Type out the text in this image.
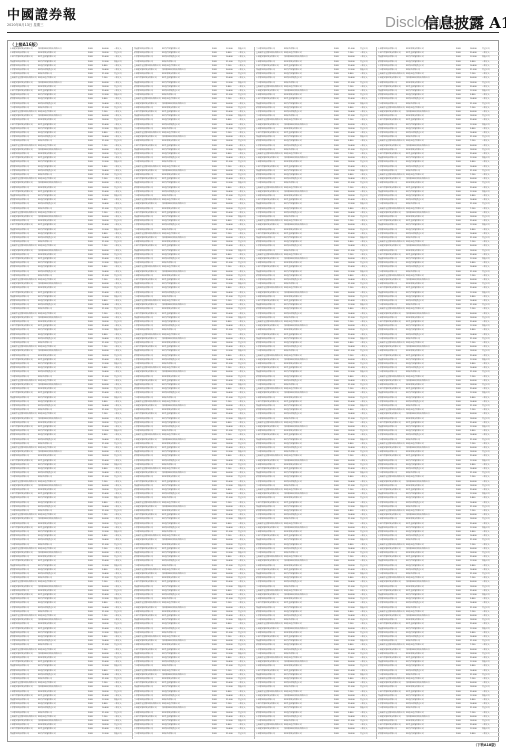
中國證券報
2020年8月13日 星期三	Disclosure
信息披露 A
（上接A16版）
中国建设银行股份有限公司	深圳市XX科技股份有限公司	2020	34,000	一般法人
中国银行股份有限公司	XX证券股份有限公司	2020	18,500	基金公司
中国工商银行股份有限公司	XX基金管理有限公司	2020	25,600	一般法人
交通银行股份有限公司	XX资产管理有限公司	2020	12,000	保险公司
招商银行股份有限公司	XX投资管理有限公司	2020	9,800	一般法人
中信银行股份有限公司	XX信托有限责任公司	2020	16,400	一般法人
兴业银行股份有限公司	XX财务有限公司	2020	21,000	基金公司
上海浦东发展银行股份有限公司 XX创业投资有限公司	2020	7,200	一般法人
中国建设银行股份有限公司	深圳市XX科技股份有限公司	2020	34,000	一般法人
中国银行股份有限公司	XX证券股份有限公司	2020	18,500	基金公司
中国工商银行股份有限公司	XX基金管理有限公司	2020	25,600	一般法人
交通银行股份有限公司	XX资产管理有限公司	2020	12,000	保险公司
招商银行股份有限公司	XX投资管理有限公司	2020	9,800	一般法人
中信银行股份有限公司	XX信托有限责任公司	2020	16,400	一般法人
兴业银行股份有限公司	XX财务有限公司	2020	21,000	基金公司
上海浦东发展银行股份有限公司 XX创业投资有限公司	2020	7,200	一般法人
中国建设银行股份有限公司	深圳市XX科技股份有限公司	2020	34,000	一般法人
中国银行股份有限公司	XX证券股份有限公司	2020	18,500	基金公司
中国工商银行股份有限公司	XX基金管理有限公司	2020	25,600	一般法人
交通银行股份有限公司	XX资产管理有限公司	2020	12,000	保险公司
招商银行股份有限公司	XX投资管理有限公司	2020	9,800	一般法人
中信银行股份有限公司	XX信托有限责任公司	2020	16,400	一般法人
兴业银行股份有限公司	XX财务有限公司	2020	21,000	基金公司
上海浦东发展银行股份有限公司 XX创业投资有限公司	2020	7,200	一般法人
中国建设银行股份有限公司	深圳市XX科技股份有限公司	2020	34,000	一般法人
中国银行股份有限公司	XX证券股份有限公司	2020	18,500	基金公司
中国工商银行股份有限公司	XX基金管理有限公司	2020	25,600	一般法人
交通银行股份有限公司	XX资产管理有限公司	2020	12,000	保险公司
招商银行股份有限公司	XX投资管理有限公司	2020	9,800	一般法人
中信银行股份有限公司	XX信托有限责任公司	2020	16,400	一般法人
兴业银行股份有限公司	XX财务有限公司	2020	21,000	基金公司
上海浦东发展银行股份有限公司 XX创业投资有限公司	2020	7,200	一般法人
中国建设银行股份有限公司	深圳市XX科技股份有限公司	2020	34,000	一般法人
中国银行股份有限公司	XX证券股份有限公司	2020	18,500	基金公司
中国工商银行股份有限公司	XX基金管理有限公司	2020	25,600	一般法人
交通银行股份有限公司	XX资产管理有限公司	2020	12,000	保险公司
招商银行股份有限公司	XX投资管理有限公司	2020	9,800	一般法人
中信银行股份有限公司	XX信托有限责任公司	2020	16,400	一般法人
兴业银行股份有限公司	XX财务有限公司	2020	21,000	基金公司
上海浦东发展银行股份有限公司 XX创业投资有限公司	2020	7,200	一般法人
中国建设银行股份有限公司	深圳市XX科技股份有限公司	2020	34,000	一般法人
中国银行股份有限公司	XX证券股份有限公司	2020	18,500	基金公司
中国工商银行股份有限公司	XX基金管理有限公司	2020	25,600	一般法人
交通银行股份有限公司	XX资产管理有限公司	2020	12,000	保险公司
招商银行股份有限公司	XX投资管理有限公司	2020	9,800	一般法人
中信银行股份有限公司	XX信托有限责任公司	2020	16,400	一般法人
兴业银行股份有限公司	XX财务有限公司	2020	21,000	基金公司
上海浦东发展银行股份有限公司 XX创业投资有限公司	2020	7,200	一般法人
中国建设银行股份有限公司	深圳市XX科技股份有限公司	2020	34,000	一般法人
中国银行股份有限公司	XX证券股份有限公司	2020	18,500	基金公司
中国工商银行股份有限公司	XX基金管理有限公司	2020	25,600	一般法人
交通银行股份有限公司	XX资产管理有限公司	2020	12,000	保险公司
招商银行股份有限公司	XX投资管理有限公司	2020	9,800	一般法人
中信银行股份有限公司	XX信托有限责任公司	2020	16,400	一般法人
兴业银行股份有限公司	XX财务有限公司	2020	21,000	基金公司
上海浦东发展银行股份有限公司 XX创业投资有限公司	2020	7,200	一般法人
中国建设银行股份有限公司	深圳市XX科技股份有限公司	2020	34,000	一般法人
中国银行股份有限公司	XX证券股份有限公司	2020	18,500	基金公司
中国工商银行股份有限公司	XX基金管理有限公司	2020	25,600	一般法人
交通银行股份有限公司	XX资产管理有限公司	2020	12,000	保险公司
招商银行股份有限公司	XX投资管理有限公司	2020	9,800	一般法人
中信银行股份有限公司	XX信托有限责任公司	2020	16,400	一般法人
兴业银行股份有限公司	XX财务有限公司	2020	21,000	基金公司
上海浦东发展银行股份有限公司 XX创业投资有限公司	2020	7,200	一般法人
中国建设银行股份有限公司	深圳市XX科技股份有限公司	2020	34,000	一般法人
中国银行股份有限公司	XX证券股份有限公司	2020	18,500	基金公司
中国工商银行股份有限公司	XX基金管理有限公司	2020	25,600	一般法人
交通银行股份有限公司	XX资产管理有限公司	2020	12,000	保险公司
招商银行股份有限公司	XX投资管理有限公司	2020	9,800	一般法人
中信银行股份有限公司	XX信托有限责任公司	2020	16,400	一般法人
兴业银行股份有限公司	XX财务有限公司	2020	21,000	基金公司
上海浦东发展银行股份有限公司 XX创业投资有限公司	2020	7,200	一般法人
中国建设银行股份有限公司	深圳市XX科技股份有限公司	2020	34,000	一般法人
中国银行股份有限公司	XX证券股份有限公司	2020	18,500	基金公司
中国工商银行股份有限公司	XX基金管理有限公司	2020	25,600	一般法人
交通银行股份有限公司	XX资产管理有限公司	2020	12,000	保险公司
招商银行股份有限公司	XX投资管理有限公司	2020	9,800	一般法人
中信银行股份有限公司	XX信托有限责任公司	2020	16,400	一般法人
兴业银行股份有限公司	XX财务有限公司	2020	21,000	基金公司
上海浦东发展银行股份有限公司 XX创业投资有限公司	2020	7,200	一般法人
中国建设银行股份有限公司	深圳市XX科技股份有限公司	2020	34,000	一般法人
中国银行股份有限公司	XX证券股份有限公司	2020	18,500	基金公司
中国工商银行股份有限公司	XX基金管理有限公司	2020	25,600	一般法人
交通银行股份有限公司	XX资产管理有限公司	2020	12,000	保险公司
招商银行股份有限公司	XX投资管理有限公司	2020	9,800	一般法人
中信银行股份有限公司	XX信托有限责任公司	2020	16,400	一般法人
兴业银行股份有限公司	XX财务有限公司	2020	21,000	基金公司
上海浦东发展银行股份有限公司 XX创业投资有限公司	2020	7,200	一般法人
中国建设银行股份有限公司	深圳市XX科技股份有限公司	2020	34,000	一般法人
中国银行股份有限公司	XX证券股份有限公司	2020	18,500	基金公司
中国工商银行股份有限公司	XX基金管理有限公司	2020	25,600	一般法人
交通银行股份有限公司	XX资产管理有限公司	2020	12,000	保险公司
招商银行股份有限公司	XX投资管理有限公司	2020	9,800	一般法人
中信银行股份有限公司	XX信托有限责任公司	2020	16,400	一般法人
兴业银行股份有限公司	XX财务有限公司	2020	21,000	基金公司
上海浦东发展银行股份有限公司 XX创业投资有限公司	2020	7,200	一般法人
中国建设银行股份有限公司	深圳市XX科技股份有限公司	2020	34,000	一般法人
中国银行股份有限公司	XX证券股份有限公司	2020	18,500	基金公司
中国工商银行股份有限公司	XX基金管理有限公司	2020	25,600	一般法人
交通银行股份有限公司	XX资产管理有限公司	2020	12,000	保险公司
招商银行股份有限公司	XX投资管理有限公司	2020	9,800	一般法人
中信银行股份有限公司	XX信托有限责任公司	2020	16,400	一般法人
兴业银行股份有限公司	XX财务有限公司	2020	21,000	基金公司
上海浦东发展银行股份有限公司 XX创业投资有限公司	2020	7,200	一般法人
中国建设银行股份有限公司	深圳市XX科技股份有限公司	2020	34,000	一般法人
中国银行股份有限公司	XX证券股份有限公司	2020	18,500	基金公司
中国工商银行股份有限公司	XX基金管理有限公司	2020	25,600	一般法人
交通银行股份有限公司	XX资产管理有限公司	2020	12,000	保险公司
招商银行股份有限公司	XX投资管理有限公司	2020	9,800	一般法人
中信银行股份有限公司	XX信托有限责任公司	2020	16,400	一般法人
兴业银行股份有限公司	XX财务有限公司	2020	21,000	基金公司
上海浦东发展银行股份有限公司 XX创业投资有限公司	2020	7,200	一般法人
中国建设银行股份有限公司	深圳市XX科技股份有限公司	2020	34,000	一般法人
中国银行股份有限公司	XX证券股份有限公司	2020	18,500	基金公司
中国工商银行股份有限公司	XX基金管理有限公司	2020	25,600	一般法人
交通银行股份有限公司	XX资产管理有限公司	2020	12,000	保险公司
招商银行股份有限公司	XX投资管理有限公司	2020	9,800	一般法人
中信银行股份有限公司	XX信托有限责任公司	2020	16,400	一般法人
兴业银行股份有限公司	XX财务有限公司	2020	21,000	基金公司
上海浦东发展银行股份有限公司 XX创业投资有限公司	2020	7,200	一般法人
中国建设银行股份有限公司	深圳市XX科技股份有限公司	2020	34,000	一般法人
中国银行股份有限公司	XX证券股份有限公司	2020	18,500	基金公司
中国工商银行股份有限公司	XX基金管理有限公司	2020	25,600	一般法人
交通银行股份有限公司	XX资产管理有限公司	2020	12,000	保险公司
招商银行股份有限公司	XX投资管理有限公司	2020	9,800	一般法人
中信银行股份有限公司	XX信托有限责任公司	2020	16,400	一般法人
兴业银行股份有限公司	XX财务有限公司	2020	21,000	基金公司
上海浦东发展银行股份有限公司 XX创业投资有限公司	2020	7,200	一般法人
中国建设银行股份有限公司	深圳市XX科技股份有限公司	2020	34,000	一般法人
中国银行股份有限公司	XX证券股份有限公司	2020	18,500	基金公司
中国工商银行股份有限公司	XX基金管理有限公司	2020	25,600	一般法人
交通银行股份有限公司	XX资产管理有限公司	2020	12,000	保险公司
招商银行股份有限公司	XX投资管理有限公司	2020	9,800	一般法人
中信银行股份有限公司	XX信托有限责任公司	2020	16,400	一般法人
兴业银行股份有限公司	XX财务有限公司	2020	21,000	基金公司
上海浦东发展银行股份有限公司 XX创业投资有限公司	2020	7,200	一般法人
中国建设银行股份有限公司	深圳市XX科技股份有限公司	2020	34,000	一般法人
中国银行股份有限公司	XX证券股份有限公司	2020	18,500	基金公司
中国工商银行股份有限公司	XX基金管理有限公司	2020	25,600	一般法人
交通银行股份有限公司	XX资产管理有限公司	2020	12,000	保险公司
招商银行股份有限公司	XX投资管理有限公司	2020	9,800	一般法人
中信银行股份有限公司	XX信托有限责任公司	2020	16,400	一般法人
兴业银行股份有限公司	XX财务有限公司	2020	21,000	基金公司
上海浦东发展银行股份有限公司 XX创业投资有限公司	2020	7,200	一般法人
中国建设银行股份有限公司	深圳市XX科技股份有限公司	2020	34,000	一般法人
中国银行股份有限公司	XX证券股份有限公司	2020	18,500	基金公司
中国工商银行股份有限公司	XX基金管理有限公司	2020	25,600	一般法人
交通银行股份有限公司	XX资产管理有限公司	2020	12,000	保险公司
招商银行股份有限公司	XX投资管理有限公司	2020	9,800	一般法人
中信银行股份有限公司	XX信托有限责任公司	2020	16,400	一般法人
兴业银行股份有限公司	XX财务有限公司	2020	21,000	基金公司
上海浦东发展银行股份有限公司 XX创业投资有限公司	2020	7,200	一般法人
中国建设银行股份有限公司	深圳市XX科技股份有限公司	2020	34,000	一般法人
中国银行股份有限公司	XX证券股份有限公司	2020	18,500	基金公司
中国工商银行股份有限公司	XX基金管理有限公司	2020	25,600	一般法人
交通银行股份有限公司	XX资产管理有限公司	2020	12,000	保险公司
招商银行股份有限公司	XX投资管理有限公司	2020	9,800	一般法人
中信银行股份有限公司	XX信托有限责任公司	2020	16,400	一般法人
兴业银行股份有限公司	XX财务有限公司	2020	21,000	基金公司
上海浦东发展银行股份有限公司 XX创业投资有限公司	2020	7,200	一般法人
中国建设银行股份有限公司	深圳市XX科技股份有限公司	2020	34,000	一般法人
中国银行股份有限公司	XX证券股份有限公司	2020	18,500	基金公司
中国工商银行股份有限公司	XX基金管理有限公司	2020	25,600	一般法人
交通银行股份有限公司	XX资产管理有限公司	2020	12,000	保险公司
交通银行股份有限公司	XX资产管理有限公司	2020	12,000	保险公司
招商银行股份有限公司	XX投资管理有限公司	2020	9,800	一般法人
中信银行股份有限公司	XX信托有限责任公司	2020	16,400	一般法人
兴业银行股份有限公司	XX财务有限公司	2020	21,000	基金公司
上海浦东发展银行股份有限公司 XX创业投资有限公司	2020	7,200	一般法人
中国建设银行股份有限公司	深圳市XX科技股份有限公司	2020	34,000	一般法人
中国银行股份有限公司	XX证券股份有限公司	2020	18,500	基金公司
中国工商银行股份有限公司	XX基金管理有限公司	2020	25,600	一般法人
交通银行股份有限公司	XX资产管理有限公司	2020	12,000	保险公司
招商银行股份有限公司	XX投资管理有限公司	2020	9,800	一般法人
中信银行股份有限公司	XX信托有限责任公司	2020	16,400	一般法人
兴业银行股份有限公司	XX财务有限公司	2020	21,000	基金公司
上海浦东发展银行股份有限公司 XX创业投资有限公司	2020	7,200	一般法人
中国建设银行股份有限公司	深圳市XX科技股份有限公司	2020	34,000	一般法人
中国银行股份有限公司	XX证券股份有限公司	2020	18,500	基金公司
中国工商银行股份有限公司	XX基金管理有限公司	2020	25,600	一般法人
交通银行股份有限公司	XX资产管理有限公司	2020	12,000	保险公司
招商银行股份有限公司	XX投资管理有限公司	2020	9,800	一般法人
中信银行股份有限公司	XX信托有限责任公司	2020	16,400	一般法人
兴业银行股份有限公司	XX财务有限公司	2020	21,000	基金公司
上海浦东发展银行股份有限公司 XX创业投资有限公司	2020	7,200	一般法人
中国建设银行股份有限公司	深圳市XX科技股份有限公司	2020	34,000	一般法人
中国银行股份有限公司	XX证券股份有限公司	2020	18,500	基金公司
中国工商银行股份有限公司	XX基金管理有限公司	2020	25,600	一般法人
交通银行股份有限公司	XX资产管理有限公司	2020	12,000	保险公司
招商银行股份有限公司	XX投资管理有限公司	2020	9,800	一般法人
中信银行股份有限公司	XX信托有限责任公司	2020	16,400	一般法人
兴业银行股份有限公司	XX财务有限公司	2020	21,000	基金公司
上海浦东发展银行股份有限公司 XX创业投资有限公司	2020	7,200	一般法人
中国建设银行股份有限公司	深圳市XX科技股份有限公司	2020	34,000	一般法人
中国银行股份有限公司	XX证券股份有限公司	2020	18,500	基金公司
中国工商银行股份有限公司	XX基金管理有限公司	2020	25,600	一般法人
交通银行股份有限公司	XX资产管理有限公司	2020	12,000	保险公司
招商银行股份有限公司	XX投资管理有限公司	2020	9,800	一般法人
中信银行股份有限公司	XX信托有限责任公司	2020	16,400	一般法人
兴业银行股份有限公司	XX财务有限公司	2020	21,000	基金公司
上海浦东发展银行股份有限公司 XX创业投资有限公司	2020	7,200	一般法人
中国建设银行股份有限公司	深圳市XX科技股份有限公司	2020	34,000	一般法人
中国银行股份有限公司	XX证券股份有限公司	2020	18,500	基金公司
中国工商银行股份有限公司	XX基金管理有限公司	2020	25,600	一般法人
交通银行股份有限公司	XX资产管理有限公司	2020	12,000	保险公司
招商银行股份有限公司	XX投资管理有限公司	2020	9,800	一般法人
中信银行股份有限公司	XX信托有限责任公司	2020	16,400	一般法人
兴业银行股份有限公司	XX财务有限公司	2020	21,000	基金公司
上海浦东发展银行股份有限公司 XX创业投资有限公司	2020	7,200	一般法人
中国建设银行股份有限公司	深圳市XX科技股份有限公司	2020	34,000	一般法人
中国银行股份有限公司	XX证券股份有限公司	2020	18,500	基金公司
中国工商银行股份有限公司	XX基金管理有限公司	2020	25,600	一般法人
交通银行股份有限公司	XX资产管理有限公司	2020	12,000	保险公司
招商银行股份有限公司	XX投资管理有限公司	2020	9,800	一般法人
中信银行股份有限公司	XX信托有限责任公司	2020	16,400	一般法人
兴业银行股份有限公司	XX财务有限公司	2020	21,000	基金公司
上海浦东发展银行股份有限公司 XX创业投资有限公司	2020	7,200	一般法人
中国建设银行股份有限公司	深圳市XX科技股份有限公司	2020	34,000	一般法人
中国银行股份有限公司	XX证券股份有限公司	2020	18,500	基金公司
中国工商银行股份有限公司	XX基金管理有限公司	2020	25,600	一般法人
交通银行股份有限公司	XX资产管理有限公司	2020	12,000	保险公司
招商银行股份有限公司	XX投资管理有限公司	2020	9,800	一般法人
中信银行股份有限公司	XX信托有限责任公司	2020	16,400	一般法人
兴业银行股份有限公司	XX财务有限公司	2020	21,000	基金公司
上海浦东发展银行股份有限公司 XX创业投资有限公司	2020	7,200	一般法人
中国建设银行股份有限公司	深圳市XX科技股份有限公司	2020	34,000	一般法人
中国银行股份有限公司	XX证券股份有限公司	2020	18,500	基金公司
中国工商银行股份有限公司	XX基金管理有限公司	2020	25,600	一般法人
交通银行股份有限公司	XX资产管理有限公司	2020	12,000	保险公司
招商银行股份有限公司	XX投资管理有限公司	2020	9,800	一般法人
中信银行股份有限公司	XX信托有限责任公司	2020	16,400	一般法人
兴业银行股份有限公司	XX财务有限公司	2020	21,000	基金公司
上海浦东发展银行股份有限公司 XX创业投资有限公司	2020	7,200	一般法人
中国建设银行股份有限公司	深圳市XX科技股份有限公司	2020	34,000	一般法人
中国银行股份有限公司	XX证券股份有限公司	2020	18,500	基金公司
中国工商银行股份有限公司	XX基金管理有限公司	2020	25,600	一般法人
交通银行股份有限公司	XX资产管理有限公司	2020	12,000	保险公司
招商银行股份有限公司	XX投资管理有限公司	2020	9,800	一般法人
中信银行股份有限公司	XX信托有限责任公司	2020	16,400	一般法人
兴业银行股份有限公司	XX财务有限公司	2020	21,000	基金公司
上海浦东发展银行股份有限公司 XX创业投资有限公司	2020	7,200	一般法人
中国建设银行股份有限公司	深圳市XX科技股份有限公司	2020	34,000	一般法人
中国银行股份有限公司	XX证券股份有限公司	2020	18,500	基金公司
中国工商银行股份有限公司	XX基金管理有限公司	2020	25,600	一般法人
交通银行股份有限公司	XX资产管理有限公司	2020	12,000	保险公司
招商银行股份有限公司	XX投资管理有限公司	2020	9,800	一般法人
中信银行股份有限公司	XX信托有限责任公司	2020	16,400	一般法人
兴业银行股份有限公司	XX财务有限公司	2020	21,000	基金公司
上海浦东发展银行股份有限公司 XX创业投资有限公司	2020	7,200	一般法人
中国建设银行股份有限公司	深圳市XX科技股份有限公司	2020	34,000	一般法人
中国银行股份有限公司	XX证券股份有限公司	2020	18,500	基金公司
中国工商银行股份有限公司	XX基金管理有限公司	2020	25,600	一般法人
交通银行股份有限公司	XX资产管理有限公司	2020	12,000	保险公司
招商银行股份有限公司	XX投资管理有限公司	2020	9,800	一般法人
中信银行股份有限公司	XX信托有限责任公司	2020	16,400	一般法人
兴业银行股份有限公司	XX财务有限公司	2020	21,000	基金公司
上海浦东发展银行股份有限公司 XX创业投资有限公司	2020	7,200	一般法人
中国建设银行股份有限公司	深圳市XX科技股份有限公司	2020	34,000	一般法人
中国银行股份有限公司	XX证券股份有限公司	2020	18,500	基金公司
中国工商银行股份有限公司	XX基金管理有限公司	2020	25,600	一般法人
交通银行股份有限公司	XX资产管理有限公司	2020	12,000	保险公司
招商银行股份有限公司	XX投资管理有限公司	2020	9,800	一般法人
中信银行股份有限公司	XX信托有限责任公司	2020	16,400	一般法人
兴业银行股份有限公司	XX财务有限公司	2020	21,000	基金公司
上海浦东发展银行股份有限公司 XX创业投资有限公司	2020	7,200	一般法人
中国建设银行股份有限公司	深圳市XX科技股份有限公司	2020	34,000	一般法人
中国银行股份有限公司	XX证券股份有限公司	2020	18,500	基金公司
中国工商银行股份有限公司	XX基金管理有限公司	2020	25,600	一般法人
交通银行股份有限公司	XX资产管理有限公司	2020	12,000	保险公司
招商银行股份有限公司	XX投资管理有限公司	2020	9,800	一般法人
中信银行股份有限公司	XX信托有限责任公司	2020	16,400	一般法人
兴业银行股份有限公司	XX财务有限公司	2020	21,000	基金公司
上海浦东发展银行股份有限公司 XX创业投资有限公司	2020	7,200	一般法人
中国建设银行股份有限公司	深圳市XX科技股份有限公司	2020	34,000	一般法人
中国银行股份有限公司	XX证券股份有限公司	2020	18,500	基金公司
中国工商银行股份有限公司	XX基金管理有限公司	2020	25,600	一般法人
交通银行股份有限公司	XX资产管理有限公司	2020	12,000	保险公司
招商银行股份有限公司	XX投资管理有限公司	2020	9,800	一般法人
中信银行股份有限公司	XX信托有限责任公司	2020	16,400	一般法人
兴业银行股份有限公司	XX财务有限公司	2020	21,000	基金公司
上海浦东发展银行股份有限公司 XX创业投资有限公司	2020	7,200	一般法人
中国建设银行股份有限公司	深圳市XX科技股份有限公司	2020	34,000	一般法人
中国银行股份有限公司	XX证券股份有限公司	2020	18,500	基金公司
中国工商银行股份有限公司	XX基金管理有限公司	2020	25,600	一般法人
交通银行股份有限公司	XX资产管理有限公司	2020	12,000	保险公司
招商银行股份有限公司	XX投资管理有限公司	2020	9,800	一般法人
中信银行股份有限公司	XX信托有限责任公司	2020	16,400	一般法人
兴业银行股份有限公司	XX财务有限公司	2020	21,000	基金公司
上海浦东发展银行股份有限公司 XX创业投资有限公司	2020	7,200	一般法人
中国建设银行股份有限公司	深圳市XX科技股份有限公司	2020	34,000	一般法人
中国银行股份有限公司	XX证券股份有限公司	2020	18,500	基金公司
中国工商银行股份有限公司	XX基金管理有限公司	2020	25,600	一般法人
交通银行股份有限公司	XX资产管理有限公司	2020	12,000	保险公司
招商银行股份有限公司	XX投资管理有限公司	2020	9,800	一般法人
中信银行股份有限公司	XX信托有限责任公司	2020	16,400	一般法人
兴业银行股份有限公司	XX财务有限公司	2020	21,000	基金公司
上海浦东发展银行股份有限公司 XX创业投资有限公司	2020	7,200	一般法人
中国建设银行股份有限公司	深圳市XX科技股份有限公司	2020	34,000	一般法人
中国银行股份有限公司	XX证券股份有限公司	2020	18,500	基金公司
中国工商银行股份有限公司	XX基金管理有限公司	2020	25,600	一般法人
交通银行股份有限公司	XX资产管理有限公司	2020	12,000	保险公司
招商银行股份有限公司	XX投资管理有限公司	2020	9,800	一般法人
中信银行股份有限公司	XX信托有限责任公司	2020	16,400	一般法人
兴业银行股份有限公司	XX财务有限公司	2020	21,000	基金公司
上海浦东发展银行股份有限公司 XX创业投资有限公司	2020	7,200	一般法人
中国建设银行股份有限公司	深圳市XX科技股份有限公司	2020	34,000	一般法人
中国银行股份有限公司	XX证券股份有限公司	2020	18,500	基金公司
中国工商银行股份有限公司	XX基金管理有限公司	2020	25,600	一般法人
交通银行股份有限公司	XX资产管理有限公司	2020	12,000	保险公司
招商银行股份有限公司	XX投资管理有限公司	2020	9,800	一般法人
中信银行股份有限公司	XX信托有限责任公司	2020	16,400	一般法人
兴业银行股份有限公司	XX财务有限公司	2020	21,000	基金公司
上海浦东发展银行股份有限公司 XX创业投资有限公司	2020	7,200	一般法人
中国建设银行股份有限公司	深圳市XX科技股份有限公司	2020	34,000	一般法人
中国银行股份有限公司	XX证券股份有限公司	2020	18,500	基金公司
中国工商银行股份有限公司	XX基金管理有限公司	2020	25,600	一般法人
交通银行股份有限公司	XX资产管理有限公司	2020	12,000	保险公司
招商银行股份有限公司	XX投资管理有限公司	2020	9,800	一般法人
中信银行股份有限公司	XX信托有限责任公司	2020	16,400	一般法人
兴业银行股份有限公司	XX财务有限公司	2020	21,000	基金公司
上海浦东发展银行股份有限公司 XX创业投资有限公司	2020	7,200	一般法人
中国建设银行股份有限公司	深圳市XX科技股份有限公司	2020	34,000	一般法人
中国银行股份有限公司	XX证券股份有限公司	2020	18,500	基金公司
中国工商银行股份有限公司	XX基金管理有限公司	2020	25,600	一般法人
交通银行股份有限公司	XX资产管理有限公司	2020	12,000	保险公司
招商银行股份有限公司	XX投资管理有限公司	2020	9,800	一般法人
中信银行股份有限公司	XX信托有限责任公司	2020	16,400	一般法人
兴业银行股份有限公司	XX财务有限公司	2020	21,000	基金公司
兴业银行股份有限公司	XX财务有限公司	2020	21,000	基金公司
上海浦东发展银行股份有限公司 XX创业投资有限公司	2020	7,200	一般法人
中国建设银行股份有限公司	深圳市XX科技股份有限公司	2020	34,000	一般法人
中国银行股份有限公司	XX证券股份有限公司	2020	18,500	基金公司
中国工商银行股份有限公司	XX基金管理有限公司	2020	25,600	一般法人
交通银行股份有限公司	XX资产管理有限公司	2020	12,000	保险公司
招商银行股份有限公司	XX投资管理有限公司	2020	9,800	一般法人
中信银行股份有限公司	XX信托有限责任公司	2020	16,400	一般法人
兴业银行股份有限公司	XX财务有限公司	2020	21,000	基金公司
上海浦东发展银行股份有限公司 XX创业投资有限公司	2020	7,200	一般法人
中国建设银行股份有限公司	深圳市XX科技股份有限公司	2020	34,000	一般法人
中国银行股份有限公司	XX证券股份有限公司	2020	18,500	基金公司
中国工商银行股份有限公司	XX基金管理有限公司	2020	25,600	一般法人
交通银行股份有限公司	XX资产管理有限公司	2020	12,000	保险公司
招商银行股份有限公司	XX投资管理有限公司	2020	9,800	一般法人
中信银行股份有限公司	XX信托有限责任公司	2020	16,400	一般法人
兴业银行股份有限公司	XX财务有限公司	2020	21,000	基金公司
上海浦东发展银行股份有限公司 XX创业投资有限公司	2020	7,200	一般法人
中国建设银行股份有限公司	深圳市XX科技股份有限公司	2020	34,000	一般法人
中国银行股份有限公司	XX证券股份有限公司	2020	18,500	基金公司
中国工商银行股份有限公司	XX基金管理有限公司	2020	25,600	一般法人
交通银行股份有限公司	XX资产管理有限公司	2020	12,000	保险公司
招商银行股份有限公司	XX投资管理有限公司	2020	9,800	一般法人
中信银行股份有限公司	XX信托有限责任公司	2020	16,400	一般法人
兴业银行股份有限公司	XX财务有限公司	2020	21,000	基金公司
上海浦东发展银行股份有限公司 XX创业投资有限公司	2020	7,200	一般法人
中国建设银行股份有限公司	深圳市XX科技股份有限公司	2020	34,000	一般法人
中国银行股份有限公司	XX证券股份有限公司	2020	18,500	基金公司
中国工商银行股份有限公司	XX基金管理有限公司	2020	25,600	一般法人
交通银行股份有限公司	XX资产管理有限公司	2020	12,000	保险公司
招商银行股份有限公司	XX投资管理有限公司	2020	9,800	一般法人
中信银行股份有限公司	XX信托有限责任公司	2020	16,400	一般法人
兴业银行股份有限公司	XX财务有限公司	2020	21,000	基金公司
上海浦东发展银行股份有限公司 XX创业投资有限公司	2020	7,200	一般法人
中国建设银行股份有限公司	深圳市XX科技股份有限公司	2020	34,000	一般法人
中国银行股份有限公司	XX证券股份有限公司	2020	18,500	基金公司
中国工商银行股份有限公司	XX基金管理有限公司	2020	25,600	一般法人
交通银行股份有限公司	XX资产管理有限公司	2020	12,000	保险公司
招商银行股份有限公司	XX投资管理有限公司	2020	9,800	一般法人
中信银行股份有限公司	XX信托有限责任公司	2020	16,400	一般法人
兴业银行股份有限公司	XX财务有限公司	2020	21,000	基金公司
上海浦东发展银行股份有限公司 XX创业投资有限公司	2020	7,200	一般法人
中国建设银行股份有限公司	深圳市XX科技股份有限公司	2020	34,000	一般法人
中国银行股份有限公司	XX证券股份有限公司	2020	18,500	基金公司
中国工商银行股份有限公司	XX基金管理有限公司	2020	25,600	一般法人
交通银行股份有限公司	XX资产管理有限公司	2020	12,000	保险公司
招商银行股份有限公司	XX投资管理有限公司	2020	9,800	一般法人
中信银行股份有限公司	XX信托有限责任公司	2020	16,400	一般法人
兴业银行股份有限公司	XX财务有限公司	2020	21,000	基金公司
上海浦东发展银行股份有限公司 XX创业投资有限公司	2020	7,200	一般法人
中国建设银行股份有限公司	深圳市XX科技股份有限公司	2020	34,000	一般法人
中国银行股份有限公司	XX证券股份有限公司	2020	18,500	基金公司
中国工商银行股份有限公司	XX基金管理有限公司	2020	25,600	一般法人
交通银行股份有限公司	XX资产管理有限公司	2020	12,000	保险公司
招商银行股份有限公司	XX投资管理有限公司	2020	9,800	一般法人
中信银行股份有限公司	XX信托有限责任公司	2020	16,400	一般法人
兴业银行股份有限公司	XX财务有限公司	2020	21,000	基金公司
上海浦东发展银行股份有限公司 XX创业投资有限公司	2020	7,200	一般法人
中国建设银行股份有限公司	深圳市XX科技股份有限公司	2020	34,000	一般法人
中国银行股份有限公司	XX证券股份有限公司	2020	18,500	基金公司
中国工商银行股份有限公司	XX基金管理有限公司	2020	25,600	一般法人
交通银行股份有限公司	XX资产管理有限公司	2020	12,000	保险公司
招商银行股份有限公司	XX投资管理有限公司	2020	9,800	一般法人
中信银行股份有限公司	XX信托有限责任公司	2020	16,400	一般法人
兴业银行股份有限公司	XX财务有限公司	2020	21,000	基金公司
上海浦东发展银行股份有限公司 XX创业投资有限公司	2020	7,200	一般法人
中国建设银行股份有限公司	深圳市XX科技股份有限公司	2020	34,000	一般法人
中国银行股份有限公司	XX证券股份有限公司	2020	18,500	基金公司
中国工商银行股份有限公司	XX基金管理有限公司	2020	25,600	一般法人
交通银行股份有限公司	XX资产管理有限公司	2020	12,000	保险公司
招商银行股份有限公司	XX投资管理有限公司	2020	9,800	一般法人
中信银行股份有限公司	XX信托有限责任公司	2020	16,400	一般法人
兴业银行股份有限公司	XX财务有限公司	2020	21,000	基金公司
上海浦东发展银行股份有限公司 XX创业投资有限公司	2020	7,200	一般法人
中国建设银行股份有限公司	深圳市XX科技股份有限公司	2020	34,000	一般法人
中国银行股份有限公司	XX证券股份有限公司	2020	18,500	基金公司
中国工商银行股份有限公司	XX基金管理有限公司	2020	25,600	一般法人
交通银行股份有限公司	XX资产管理有限公司	2020	12,000	保险公司
招商银行股份有限公司	XX投资管理有限公司	2020	9,800	一般法人
中信银行股份有限公司	XX信托有限责任公司	2020	16,400	一般法人
兴业银行股份有限公司	XX财务有限公司	2020	21,000	基金公司
上海浦东发展银行股份有限公司 XX创业投资有限公司	2020	7,200	一般法人
中国建设银行股份有限公司	深圳市XX科技股份有限公司	2020	34,000	一般法人
中国银行股份有限公司	XX证券股份有限公司	2020	18,500	基金公司
中国工商银行股份有限公司	XX基金管理有限公司	2020	25,600	一般法人
交通银行股份有限公司	XX资产管理有限公司	2020	12,000	保险公司
招商银行股份有限公司	XX投资管理有限公司	2020	9,800	一般法人
中信银行股份有限公司	XX信托有限责任公司	2020	16,400	一般法人
兴业银行股份有限公司	XX财务有限公司	2020	21,000	基金公司
上海浦东发展银行股份有限公司 XX创业投资有限公司	2020	7,200	一般法人
中国建设银行股份有限公司	深圳市XX科技股份有限公司	2020	34,000	一般法人
中国银行股份有限公司	XX证券股份有限公司	2020	18,500	基金公司
中国工商银行股份有限公司	XX基金管理有限公司	2020	25,600	一般法人
交通银行股份有限公司	XX资产管理有限公司	2020	12,000	保险公司
招商银行股份有限公司	XX投资管理有限公司	2020	9,800	一般法人
中信银行股份有限公司	XX信托有限责任公司	2020	16,400	一般法人
兴业银行股份有限公司	XX财务有限公司	2020	21,000	基金公司
上海浦东发展银行股份有限公司 XX创业投资有限公司	2020	7,200	一般法人
中国建设银行股份有限公司	深圳市XX科技股份有限公司	2020	34,000	一般法人
中国银行股份有限公司	XX证券股份有限公司	2020	18,500	基金公司
中国工商银行股份有限公司	XX基金管理有限公司	2020	25,600	一般法人
交通银行股份有限公司	XX资产管理有限公司	2020	12,000	保险公司
招商银行股份有限公司	XX投资管理有限公司	2020	9,800	一般法人
中信银行股份有限公司	XX信托有限责任公司	2020	16,400	一般法人
兴业银行股份有限公司	XX财务有限公司	2020	21,000	基金公司
上海浦东发展银行股份有限公司 XX创业投资有限公司	2020	7,200	一般法人
中国建设银行股份有限公司	深圳市XX科技股份有限公司	2020	34,000	一般法人
中国银行股份有限公司	XX证券股份有限公司	2020	18,500	基金公司
中国工商银行股份有限公司	XX基金管理有限公司	2020	25,600	一般法人
交通银行股份有限公司	XX资产管理有限公司	2020	12,000	保险公司
招商银行股份有限公司	XX投资管理有限公司	2020	9,800	一般法人
中信银行股份有限公司	XX信托有限责任公司	2020	16,400	一般法人
兴业银行股份有限公司	XX财务有限公司	2020	21,000	基金公司
上海浦东发展银行股份有限公司 XX创业投资有限公司	2020	7,200	一般法人
中国建设银行股份有限公司	深圳市XX科技股份有限公司	2020	34,000	一般法人
中国银行股份有限公司	XX证券股份有限公司	2020	18,500	基金公司
中国工商银行股份有限公司	XX基金管理有限公司	2020	25,600	一般法人
交通银行股份有限公司	XX资产管理有限公司	2020	12,000	保险公司
招商银行股份有限公司	XX投资管理有限公司	2020	9,800	一般法人
中信银行股份有限公司	XX信托有限责任公司	2020	16,400	一般法人
兴业银行股份有限公司	XX财务有限公司	2020	21,000	基金公司
上海浦东发展银行股份有限公司 XX创业投资有限公司	2020	7,200	一般法人
中国建设银行股份有限公司	深圳市XX科技股份有限公司	2020	34,000	一般法人
中国银行股份有限公司	XX证券股份有限公司	2020	18,500	基金公司
中国工商银行股份有限公司	XX基金管理有限公司	2020	25,600	一般法人
交通银行股份有限公司	XX资产管理有限公司	2020	12,000	保险公司
招商银行股份有限公司	XX投资管理有限公司	2020	9,800	一般法人
中信银行股份有限公司	XX信托有限责任公司	2020	16,400	一般法人
兴业银行股份有限公司	XX财务有限公司	2020	21,000	基金公司
上海浦东发展银行股份有限公司 XX创业投资有限公司	2020	7,200	一般法人
中国建设银行股份有限公司	深圳市XX科技股份有限公司	2020	34,000	一般法人
中国银行股份有限公司	XX证券股份有限公司	2020	18,500	基金公司
中国工商银行股份有限公司	XX基金管理有限公司	2020	25,600	一般法人
交通银行股份有限公司	XX资产管理有限公司	2020	12,000	保险公司
招商银行股份有限公司	XX投资管理有限公司	2020	9,800	一般法人
中信银行股份有限公司	XX信托有限责任公司	2020	16,400	一般法人
兴业银行股份有限公司	XX财务有限公司	2020	21,000	基金公司
上海浦东发展银行股份有限公司 XX创业投资有限公司	2020	7,200	一般法人
中国建设银行股份有限公司	深圳市XX科技股份有限公司	2020	34,000	一般法人
中国银行股份有限公司	XX证券股份有限公司	2020	18,500	基金公司
中国工商银行股份有限公司	XX基金管理有限公司	2020	25,600	一般法人
交通银行股份有限公司	XX资产管理有限公司	2020	12,000	保险公司
招商银行股份有限公司	XX投资管理有限公司	2020	9,800	一般法人
中信银行股份有限公司	XX信托有限责任公司	2020	16,400	一般法人
兴业银行股份有限公司	XX财务有限公司	2020	21,000	基金公司
上海浦东发展银行股份有限公司 XX创业投资有限公司	2020	7,200	一般法人
中国建设银行股份有限公司	深圳市XX科技股份有限公司	2020	34,000	一般法人
中国银行股份有限公司	XX证券股份有限公司	2020	18,500	基金公司
中国工商银行股份有限公司	XX基金管理有限公司	2020	25,600	一般法人
交通银行股份有限公司	XX资产管理有限公司	2020	12,000	保险公司
招商银行股份有限公司	XX投资管理有限公司	2020	9,800	一般法人
中信银行股份有限公司	XX信托有限责任公司	2020	16,400	一般法人
兴业银行股份有限公司	XX财务有限公司	2020	21,000	基金公司
上海浦东发展银行股份有限公司 XX创业投资有限公司	2020	7,200	一般法人
中国建设银行股份有限公司	深圳市XX科技股份有限公司	2020	34,000	一般法人
中国银行股份有限公司	XX证券股份有限公司	2020	18,500	基金公司
中国工商银行股份有限公司	XX基金管理有限公司	2020	25,600	一般法人
交通银行股份有限公司	XX资产管理有限公司	2020	12,000	保险公司
招商银行股份有限公司	XX投资管理有限公司	2020	9,800	一般法人
中信银行股份有限公司	XX信托有限责任公司	2020	16,400	一般法人
兴业银行股份有限公司	XX财务有限公司	2020	21,000	基金公司
上海浦东发展银行股份有限公司 XX创业投资有限公司	2020	7,200	一般法人
中国建设银行股份有限公司	深圳市XX科技股份有限公司	2020	34,000	一般法人
中国银行股份有限公司	XX证券股份有限公司	2020	18,500	基金公司
中国银行股份有限公司	XX证券股份有限公司	2020	18,500	基金公司
中国工商银行股份有限公司	XX基金管理有限公司	2020	25,600	一般法人
交通银行股份有限公司	XX资产管理有限公司	2020	12,000	保险公司
招商银行股份有限公司	XX投资管理有限公司	2020	9,800	一般法人
中信银行股份有限公司	XX信托有限责任公司	2020	16,400	一般法人
兴业银行股份有限公司	XX财务有限公司	2020	21,000	基金公司
上海浦东发展银行股份有限公司 XX创业投资有限公司	2020	7,200	一般法人
中国建设银行股份有限公司	深圳市XX科技股份有限公司	2020	34,000	一般法人
中国银行股份有限公司	XX证券股份有限公司	2020	18,500	基金公司
中国工商银行股份有限公司	XX基金管理有限公司	2020	25,600	一般法人
交通银行股份有限公司	XX资产管理有限公司	2020	12,000	保险公司
招商银行股份有限公司	XX投资管理有限公司	2020	9,800	一般法人
中信银行股份有限公司	XX信托有限责任公司	2020	16,400	一般法人
兴业银行股份有限公司	XX财务有限公司	2020	21,000	基金公司
上海浦东发展银行股份有限公司 XX创业投资有限公司	2020	7,200	一般法人
中国建设银行股份有限公司	深圳市XX科技股份有限公司	2020	34,000	一般法人
中国银行股份有限公司	XX证券股份有限公司	2020	18,500	基金公司
中国工商银行股份有限公司	XX基金管理有限公司	2020	25,600	一般法人
交通银行股份有限公司	XX资产管理有限公司	2020	12,000	保险公司
招商银行股份有限公司	XX投资管理有限公司	2020	9,800	一般法人
中信银行股份有限公司	XX信托有限责任公司	2020	16,400	一般法人
兴业银行股份有限公司	XX财务有限公司	2020	21,000	基金公司
上海浦东发展银行股份有限公司 XX创业投资有限公司	2020	7,200	一般法人
中国建设银行股份有限公司	深圳市XX科技股份有限公司	2020	34,000	一般法人
中国银行股份有限公司	XX证券股份有限公司	2020	18,500	基金公司
中国工商银行股份有限公司	XX基金管理有限公司	2020	25,600	一般法人
交通银行股份有限公司	XX资产管理有限公司	2020	12,000	保险公司
招商银行股份有限公司	XX投资管理有限公司	2020	9,800	一般法人
中信银行股份有限公司	XX信托有限责任公司	2020	16,400	一般法人
兴业银行股份有限公司	XX财务有限公司	2020	21,000	基金公司
上海浦东发展银行股份有限公司 XX创业投资有限公司	2020	7,200	一般法人
中国建设银行股份有限公司	深圳市XX科技股份有限公司	2020	34,000	一般法人
中国银行股份有限公司	XX证券股份有限公司	2020	18,500	基金公司
中国工商银行股份有限公司	XX基金管理有限公司	2020	25,600	一般法人
交通银行股份有限公司	XX资产管理有限公司	2020	12,000	保险公司
招商银行股份有限公司	XX投资管理有限公司	2020	9,800	一般法人
中信银行股份有限公司	XX信托有限责任公司	2020	16,400	一般法人
兴业银行股份有限公司	XX财务有限公司	2020	21,000	基金公司
上海浦东发展银行股份有限公司 XX创业投资有限公司	2020	7,200	一般法人
中国建设银行股份有限公司	深圳市XX科技股份有限公司	2020	34,000	一般法人
中国银行股份有限公司	XX证券股份有限公司	2020	18,500	基金公司
中国工商银行股份有限公司	XX基金管理有限公司	2020	25,600	一般法人
交通银行股份有限公司	XX资产管理有限公司	2020	12,000	保险公司
招商银行股份有限公司	XX投资管理有限公司	2020	9,800	一般法人
中信银行股份有限公司	XX信托有限责任公司	2020	16,400	一般法人
兴业银行股份有限公司	XX财务有限公司	2020	21,000	基金公司
上海浦东发展银行股份有限公司 XX创业投资有限公司	2020	7,200	一般法人
中国建设银行股份有限公司	深圳市XX科技股份有限公司	2020	34,000	一般法人
中国银行股份有限公司	XX证券股份有限公司	2020	18,500	基金公司
中国工商银行股份有限公司	XX基金管理有限公司	2020	25,600	一般法人
交通银行股份有限公司	XX资产管理有限公司	2020	12,000	保险公司
招商银行股份有限公司	XX投资管理有限公司	2020	9,800	一般法人
中信银行股份有限公司	XX信托有限责任公司	2020	16,400	一般法人
兴业银行股份有限公司	XX财务有限公司	2020	21,000	基金公司
上海浦东发展银行股份有限公司 XX创业投资有限公司	2020	7,200	一般法人
中国建设银行股份有限公司	深圳市XX科技股份有限公司	2020	34,000	一般法人
中国银行股份有限公司	XX证券股份有限公司	2020	18,500	基金公司
中国工商银行股份有限公司	XX基金管理有限公司	2020	25,600	一般法人
交通银行股份有限公司	XX资产管理有限公司	2020	12,000	保险公司
招商银行股份有限公司	XX投资管理有限公司	2020	9,800	一般法人
中信银行股份有限公司	XX信托有限责任公司	2020	16,400	一般法人
兴业银行股份有限公司	XX财务有限公司	2020	21,000	基金公司
上海浦东发展银行股份有限公司 XX创业投资有限公司	2020	7,200	一般法人
中国建设银行股份有限公司	深圳市XX科技股份有限公司	2020	34,000	一般法人
中国银行股份有限公司	XX证券股份有限公司	2020	18,500	基金公司
中国工商银行股份有限公司	XX基金管理有限公司	2020	25,600	一般法人
交通银行股份有限公司	XX资产管理有限公司	2020	12,000	保险公司
招商银行股份有限公司	XX投资管理有限公司	2020	9,800	一般法人
中信银行股份有限公司	XX信托有限责任公司	2020	16,400	一般法人
兴业银行股份有限公司	XX财务有限公司	2020	21,000	基金公司
上海浦东发展银行股份有限公司 XX创业投资有限公司	2020	7,200	一般法人
中国建设银行股份有限公司	深圳市XX科技股份有限公司	2020	34,000	一般法人
中国银行股份有限公司	XX证券股份有限公司	2020	18,500	基金公司
中国工商银行股份有限公司	XX基金管理有限公司	2020	25,600	一般法人
交通银行股份有限公司	XX资产管理有限公司	2020	12,000	保险公司
招商银行股份有限公司	XX投资管理有限公司	2020	9,800	一般法人
中信银行股份有限公司	XX信托有限责任公司	2020	16,400	一般法人
兴业银行股份有限公司	XX财务有限公司	2020	21,000	基金公司
上海浦东发展银行股份有限公司 XX创业投资有限公司	2020	7,200	一般法人
中国建设银行股份有限公司	深圳市XX科技股份有限公司	2020	34,000	一般法人
中国银行股份有限公司	XX证券股份有限公司	2020	18,500	基金公司
中国工商银行股份有限公司	XX基金管理有限公司	2020	25,600	一般法人
交通银行股份有限公司	XX资产管理有限公司	2020	12,000	保险公司
招商银行股份有限公司	XX投资管理有限公司	2020	9,800	一般法人
中信银行股份有限公司	XX信托有限责任公司	2020	16,400	一般法人
兴业银行股份有限公司	XX财务有限公司	2020	21,000	基金公司
上海浦东发展银行股份有限公司 XX创业投资有限公司	2020	7,200	一般法人
中国建设银行股份有限公司	深圳市XX科技股份有限公司	2020	34,000	一般法人
中国银行股份有限公司	XX证券股份有限公司	2020	18,500	基金公司
中国工商银行股份有限公司	XX基金管理有限公司	2020	25,600	一般法人
交通银行股份有限公司	XX资产管理有限公司	2020	12,000	保险公司
招商银行股份有限公司	XX投资管理有限公司	2020	9,800	一般法人
中信银行股份有限公司	XX信托有限责任公司	2020	16,400	一般法人
兴业银行股份有限公司	XX财务有限公司	2020	21,000	基金公司
上海浦东发展银行股份有限公司 XX创业投资有限公司	2020	7,200	一般法人
中国建设银行股份有限公司	深圳市XX科技股份有限公司	2020	34,000	一般法人
中国银行股份有限公司	XX证券股份有限公司	2020	18,500	基金公司
中国工商银行股份有限公司	XX基金管理有限公司	2020	25,600	一般法人
交通银行股份有限公司	XX资产管理有限公司	2020	12,000	保险公司
招商银行股份有限公司	XX投资管理有限公司	2020	9,800	一般法人
中信银行股份有限公司	XX信托有限责任公司	2020	16,400	一般法人
兴业银行股份有限公司	XX财务有限公司	2020	21,000	基金公司
上海浦东发展银行股份有限公司 XX创业投资有限公司	2020	7,200	一般法人
中国建设银行股份有限公司	深圳市XX科技股份有限公司	2020	34,000	一般法人
中国银行股份有限公司	XX证券股份有限公司	2020	18,500	基金公司
中国工商银行股份有限公司	XX基金管理有限公司	2020	25,600	一般法人
交通银行股份有限公司	XX资产管理有限公司	2020	12,000	保险公司
招商银行股份有限公司	XX投资管理有限公司	2020	9,800	一般法人
中信银行股份有限公司	XX信托有限责任公司	2020	16,400	一般法人
兴业银行股份有限公司	XX财务有限公司	2020	21,000	基金公司
上海浦东发展银行股份有限公司 XX创业投资有限公司	2020	7,200	一般法人
中国建设银行股份有限公司	深圳市XX科技股份有限公司	2020	34,000	一般法人
中国银行股份有限公司	XX证券股份有限公司	2020	18,500	基金公司
中国工商银行股份有限公司	XX基金管理有限公司	2020	25,600	一般法人
交通银行股份有限公司	XX资产管理有限公司	2020	12,000	保险公司
招商银行股份有限公司	XX投资管理有限公司	2020	9,800	一般法人
中信银行股份有限公司	XX信托有限责任公司	2020	16,400	一般法人
兴业银行股份有限公司	XX财务有限公司	2020	21,000	基金公司
上海浦东发展银行股份有限公司 XX创业投资有限公司	2020	7,200	一般法人
中国建设银行股份有限公司	深圳市XX科技股份有限公司	2020	34,000	一般法人
中国银行股份有限公司	XX证券股份有限公司	2020	18,500	基金公司
中国工商银行股份有限公司	XX基金管理有限公司	2020	25,600	一般法人
交通银行股份有限公司	XX资产管理有限公司	2020	12,000	保险公司
招商银行股份有限公司	XX投资管理有限公司	2020	9,800	一般法人
中信银行股份有限公司	XX信托有限责任公司	2020	16,400	一般法人
兴业银行股份有限公司	XX财务有限公司	2020	21,000	基金公司
上海浦东发展银行股份有限公司 XX创业投资有限公司	2020	7,200	一般法人
中国建设银行股份有限公司	深圳市XX科技股份有限公司	2020	34,000	一般法人
中国银行股份有限公司	XX证券股份有限公司	2020	18,500	基金公司
中国工商银行股份有限公司	XX基金管理有限公司	2020	25,600	一般法人
交通银行股份有限公司	XX资产管理有限公司	2020	12,000	保险公司
招商银行股份有限公司	XX投资管理有限公司	2020	9,800	一般法人
中信银行股份有限公司	XX信托有限责任公司	2020	16,400	一般法人
兴业银行股份有限公司	XX财务有限公司	2020	21,000	基金公司
上海浦东发展银行股份有限公司 XX创业投资有限公司	2020	7,200	一般法人
中国建设银行股份有限公司	深圳市XX科技股份有限公司	2020	34,000	一般法人
中国银行股份有限公司	XX证券股份有限公司	2020	18,500	基金公司
中国工商银行股份有限公司	XX基金管理有限公司	2020	25,600	一般法人
交通银行股份有限公司	XX资产管理有限公司	2020	12,000	保险公司
招商银行股份有限公司	XX投资管理有限公司	2020	9,800	一般法人
中信银行股份有限公司	XX信托有限责任公司	2020	16,400	一般法人
兴业银行股份有限公司	XX财务有限公司	2020	21,000	基金公司
上海浦东发展银行股份有限公司 XX创业投资有限公司	2020	7,200	一般法人
中国建设银行股份有限公司	深圳市XX科技股份有限公司	2020	34,000	一般法人
中国银行股份有限公司	XX证券股份有限公司	2020	18,500	基金公司
中国工商银行股份有限公司	XX基金管理有限公司	2020	25,600	一般法人
交通银行股份有限公司	XX资产管理有限公司	2020	12,000	保险公司
招商银行股份有限公司	XX投资管理有限公司	2020	9,800	一般法人
中信银行股份有限公司	XX信托有限责任公司	2020	16,400	一般法人
兴业银行股份有限公司	XX财务有限公司	2020	21,000	基金公司
上海浦东发展银行股份有限公司 XX创业投资有限公司	2020	7,200	一般法人
中国建设银行股份有限公司	深圳市XX科技股份有限公司	2020	34,000	一般法人
中国银行股份有限公司	XX证券股份有限公司	2020	18,500	基金公司
中国工商银行股份有限公司	XX基金管理有限公司	2020	25,600	一般法人
交通银行股份有限公司	XX资产管理有限公司	2020	12,000	保险公司
招商银行股份有限公司	XX投资管理有限公司	2020	9,800	一般法人
中信银行股份有限公司	XX信托有限责任公司	2020	16,400	一般法人
兴业银行股份有限公司	XX财务有限公司	2020	21,000	基金公司
上海浦东发展银行股份有限公司 XX创业投资有限公司	2020	7,200	一般法人
中国建设银行股份有限公司	深圳市XX科技股份有限公司	2020	34,000	一般法人
中国银行股份有限公司	XX证券股份有限公司	2020	18,500	基金公司
中国工商银行股份有限公司	XX基金管理有限公司	2020	25,600	一般法人
交通银行股份有限公司	XX资产管理有限公司	2020	12,000	保险公司
招商银行股份有限公司	XX投资管理有限公司	2020	9,800	一般法人
（下转A18版）
